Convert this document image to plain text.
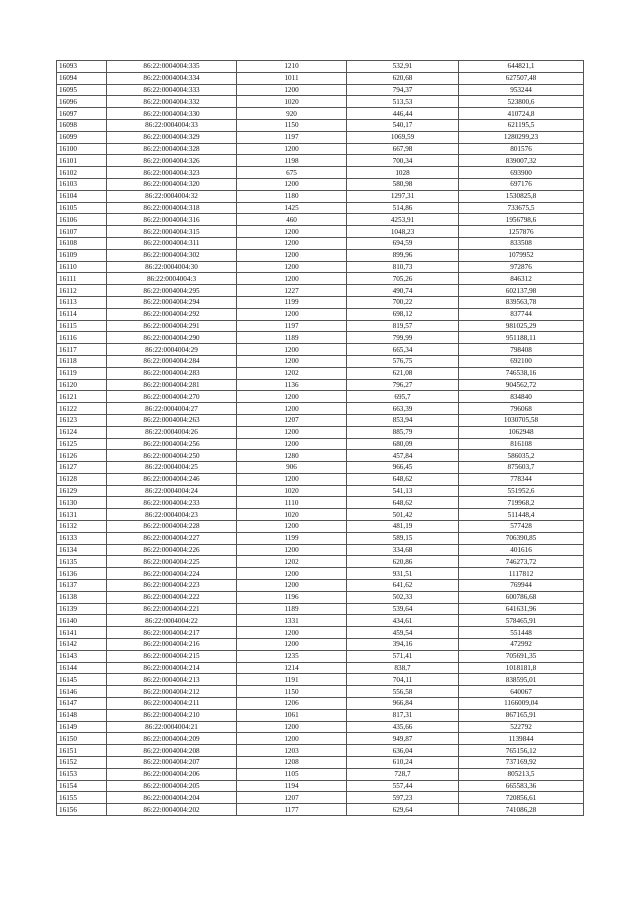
16093	86:22:0004004:335	1210	532,91	644821,1
16094	86:22:0004004:334	1011	620,68	627507,48
16095	86:22:0004004:333	1200	794,37	953244
16096	86:22:0004004:332	1020	513,53	523800,6
16097	86:22:0004004:330	920	446,44	410724,8
16098	86:22:0004004:33	1150	540,17	621195,5
16099	86:22:0004004:329	1197	1069,59	1280299,23
16100	86:22:0004004:328	1200	667,98	801576
16101	86:22:0004004:326	1198	700,34	839007,32
16102	86:22:0004004:323	675	1028	693900
16103	86:22:0004004:320	1200	580,98	697176
16104	86:22:0004004:32	1180	1297,31	1530825,8
16105	86:22:0004004:318	1425	514,86	733675,5
16106	86:22:0004004:316	460	4253,91	1956798,6
16107	86:22:0004004:315	1200	1048,23	1257876
16108	86:22:0004004:311	1200	694,59	833508
16109	86:22:0004004:302	1200	899,96	1079952
16110	86:22:0004004:30	1200	810,73	972876
16111	86:22:0004004:3	1200	705,26	846312
16112	86:22:0004004:295	1227	490,74	602137,98
16113	86:22:0004004:294	1199	700,22	839563,78
16114	86:22:0004004:292	1200	698,12	837744
16115	86:22:0004004:291	1197	819,57	981025,29
16116	86:22:0004004:290	1189	799,99	951188,11
16117	86:22:0004004:29	1200	665,34	798408
16118	86:22:0004004:284	1200	576,75	692100
16119	86:22:0004004:283	1202	621,08	746538,16
16120	86:22:0004004:281	1136	796,27	904562,72
16121	86:22:0004004:270	1200	695,7	834840
16122	86:22:0004004:27	1200	663,39	796068
16123	86:22:0004004:263	1207	853,94	1030705,58
16124	86:22:0004004:26	1200	885,79	1062948
16125	86:22:0004004:256	1200	680,09	816108
16126	86:22:0004004:250	1280	457,84	586035,2
16127	86:22:0004004:25	906	966,45	875603,7
16128	86:22:0004004:246	1200	648,62	778344
16129	86:22:0004004:24	1020	541,13	551952,6
16130	86:22:0004004:233	1110	648,62	719968,2
16131	86:22:0004004:23	1020	501,42	511448,4
16132	86:22:0004004:228	1200	481,19	577428
16133	86:22:0004004:227	1199	589,15	706390,85
16134	86:22:0004004:226	1200	334,68	401616
16135	86:22:0004004:225	1202	620,86	746273,72
16136	86:22:0004004:224	1200	931,51	1117812
16137	86:22:0004004:223	1200	641,62	769944
16138	86:22:0004004:222	1196	502,33	600786,68
16139	86:22:0004004:221	1189	539,64	641631,96
16140	86:22:0004004:22	1331	434,61	578465,91
16141	86:22:0004004:217	1200	459,54	551448
16142	86:22:0004004:216	1200	394,16	472992
16143	86:22:0004004:215	1235	571,41	705691,35
16144	86:22:0004004:214	1214	838,7	1018181,8
16145	86:22:0004004:213	1191	704,11	838595,01
16146	86:22:0004004:212	1150	556,58	640067
16147	86:22:0004004:211	1206	966,84	1166009,04
16148	86:22:0004004:210	1061	817,31	867165,91
16149	86:22:0004004:21	1200	435,66	522792
16150	86:22:0004004:209	1200	949,87	1139844
16151	86:22:0004004:208	1203	636,04	765156,12
16152	86:22:0004004:207	1208	610,24	737169,92
16153	86:22:0004004:206	1105	728,7	805213,5
16154	86:22:0004004:205	1194	557,44	665583,36
16155	86:22:0004004:204	1207	597,23	720856,61
16156	86:22:0004004:202	1177	629,64	741086,28
